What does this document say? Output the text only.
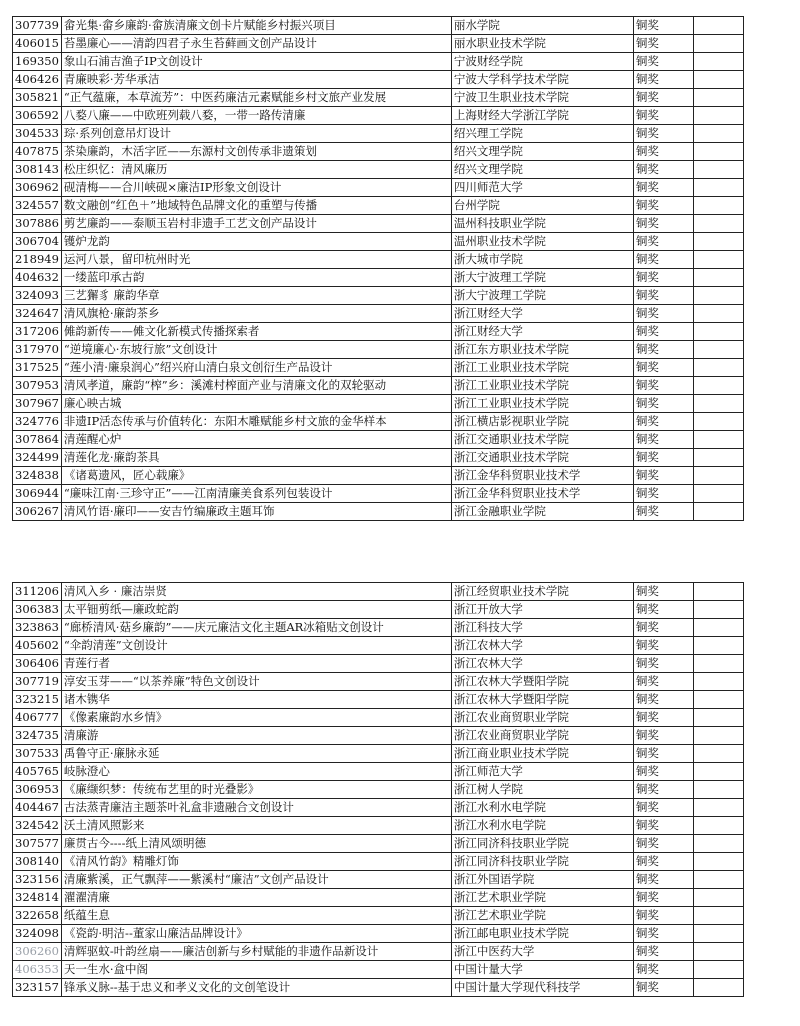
307739	畲光集·畲乡廉韵·畲族清廉文创卡片赋能乡村振兴项目	丽水学院	铜奖	
406015	苔墨廉心——清韵四君子永生苔藓画文创产品设计	丽水职业技术学院	铜奖	
169350	象山石浦吉渔子IP文创设计	宁波财经学院	铜奖	
406426	青廉映彩·芳华承洁	宁波大学科学技术学院	铜奖	
305821	“正气蕴廉，本草流芳”：中医药廉洁元素赋能乡村文旅产业发展	宁波卫生职业技术学院	铜奖	
306592	八婺八廉——中欧班列载八婺，一带一路传清廉	上海财经大学浙江学院	铜奖	
304533	琮·系列创意吊灯设计	绍兴理工学院	铜奖	
407875	茶染廉韵，木活字匠——东源村文创传承非遗策划	绍兴文理学院	铜奖	
308143	松庄织忆：清风廉历	绍兴文理学院	铜奖	
306962	砚清梅——合川峡砚×廉洁IP形象文创设计	四川师范大学	铜奖	
324557	数文融创“红色＋”地域特色品牌文化的重塑与传播	台州学院	铜奖	
307886	剪艺廉韵——泰顺玉岩村非遗手工艺文创产品设计	温州科技职业学院	铜奖	
306704	镬炉龙韵	温州职业技术学院	铜奖	
218949	运河八景，留印杭州时光	浙大城市学院	铜奖	
404632	一缕蓝印承古韵	浙大宁波理工学院	铜奖	
324093	三艺獬豸 廉韵华章	浙大宁波理工学院	铜奖	
324647	清风旗枪·廉韵茶乡	浙江财经大学	铜奖	
317206	傩韵新传——傩文化新模式传播探索者	浙江财经大学	铜奖	
317970	“逆境廉心·东坡行旅”文创设计	浙江东方职业技术学院	铜奖	
317525	“莲小清·廉泉润心”绍兴府山清白泉文创衍生产品设计	浙江工业职业技术学院	铜奖	
307953	清风孝道，廉韵“榨”乡：溪滩村榨面产业与清廉文化的双轮驱动	浙江工业职业技术学院	铜奖	
307967	廉心映古城	浙江工业职业技术学院	铜奖	
324776	非遗IP活态传承与价值转化：东阳木雕赋能乡村文旅的金华样本	浙江横店影视职业学院	铜奖	
307864	清莲醒心炉	浙江交通职业技术学院	铜奖	
324499	清莲化龙·廉韵茶具	浙江交通职业技术学院	铜奖	
324838	《诸葛遗风，匠心载廉》	浙江金华科贸职业技术学	铜奖	
306944	“廉味江南·三珍守正”——江南清廉美食系列包装设计	浙江金华科贸职业技术学	铜奖	
306267	清风竹语·廉印——安吉竹编廉政主题耳饰	浙江金融职业学院	铜奖	
311206	清风入乡 · 廉洁崇贤	浙江经贸职业技术学院	铜奖	
306383	太平钿剪纸—廉政蛇韵	浙江开放大学	铜奖	
323863	“廊桥清风·菇乡廉韵”——庆元廉洁文化主题AR冰箱贴文创设计	浙江科技大学	铜奖	
405602	“伞韵清莲”文创设计	浙江农林大学	铜奖	
306406	青莲行者	浙江农林大学	铜奖	
307719	淳安玉芽——“以茶养廉”特色文创设计	浙江农林大学暨阳学院	铜奖	
323215	诸木镌华	浙江农林大学暨阳学院	铜奖	
406777	《像素廉韵水乡情》	浙江农业商贸职业学院	铜奖	
324735	清廉游	浙江农业商贸职业学院	铜奖	
307533	禹鲁守正·廉脉永延	浙江商业职业技术学院	铜奖	
405765	岐脉澄心	浙江师范大学	铜奖	
306953	《廉缬织梦：传统布艺里的时光叠影》	浙江树人学院	铜奖	
404467	古法蒸青廉洁主题茶叶礼盒非遗融合文创设计	浙江水利水电学院	铜奖	
324542	沃土清风照影来	浙江水利水电学院	铜奖	
307577	廉贯古今----纸上清风颂明德	浙江同济科技职业学院	铜奖	
308140	《清风竹韵》精雕灯饰	浙江同济科技职业学院	铜奖	
323156	清廉紫溪，正气飘萍——紫溪村“廉洁”文创产品设计	浙江外国语学院	铜奖	
324814	濯濯清廉	浙江艺术职业学院	铜奖	
322658	纸蕴生息	浙江艺术职业学院	铜奖	
324098	《瓷韵·明洁--董家山廉洁品牌设计》	浙江邮电职业技术学院	铜奖	
306260	清辉驱蚊-叶韵丝扇——廉洁创新与乡村赋能的非遗作品新设计	浙江中医药大学	铜奖	
406353	天一生水·盒中阁	中国计量大学	铜奖	
323157	锋承义脉--基于忠义和孝义文化的文创笔设计	中国计量大学现代科技学	铜奖	
